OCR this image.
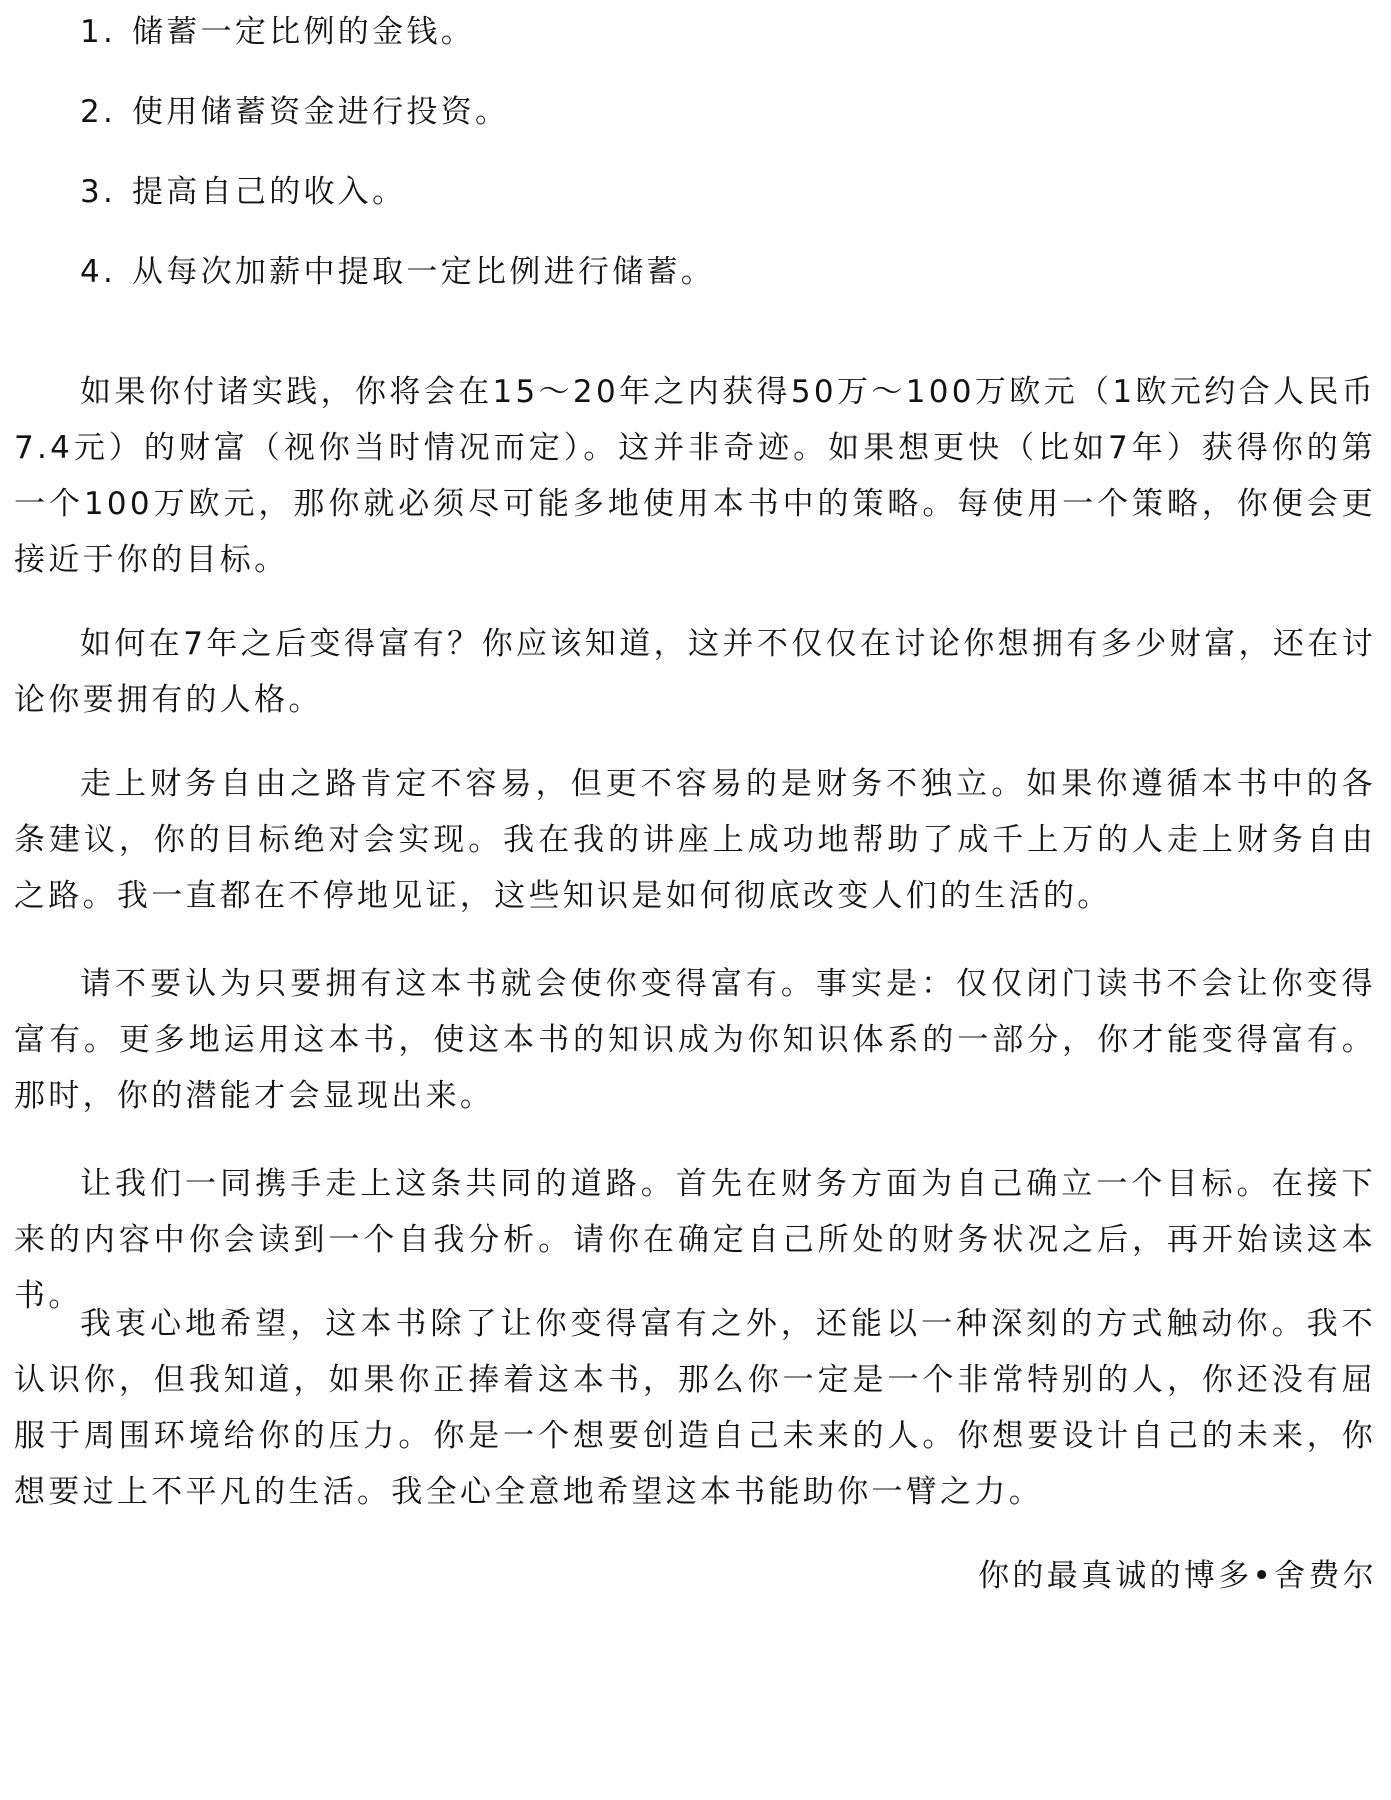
1. 储蓄一定比例的金钱。
2. 使用储蓄资金进行投资。
3. 提高自己的收入。
4. 从每次加薪中提取一定比例进行储蓄。
如果你付诸实践，你将会在15～20年之内获得50万～100万欧元（1欧元约合人民币7.4元）的财富（视你当时情况而定）。这并非奇迹。如果想更快（比如7年）获得你的第一个100万欧元，那你就必须尽可能多地使用本书中的策略。每使用一个策略，你便会更接近于你的目标。
如何在7年之后变得富有？你应该知道，这并不仅仅在讨论你想拥有多少财富，还在讨论你要拥有的人格。
走上财务自由之路肯定不容易，但更不容易的是财务不独立。如果你遵循本书中的各条建议，你的目标绝对会实现。我在我的讲座上成功地帮助了成千上万的人走上财务自由之路。我一直都在不停地见证，这些知识是如何彻底改变人们的生活的。
请不要认为只要拥有这本书就会使你变得富有。事实是：仅仅闭门读书不会让你变得富有。更多地运用这本书，使这本书的知识成为你知识体系的一部分，你才能变得富有。那时，你的潜能才会显现出来。
让我们一同携手走上这条共同的道路。首先在财务方面为自己确立一个目标。在接下来的内容中你会读到一个自我分析。请你在确定自己所处的财务状况之后，再开始读这本书。
我衷心地希望，这本书除了让你变得富有之外，还能以一种深刻的方式触动你。我不认识你，但我知道，如果你正捧着这本书，那么你一定是一个非常特别的人，你还没有屈服于周围环境给你的压力。你是一个想要创造自己未来的人。你想要设计自己的未来，你想要过上不平凡的生活。我全心全意地希望这本书能助你一臂之力。
你的最真诚的博多•舍费尔
